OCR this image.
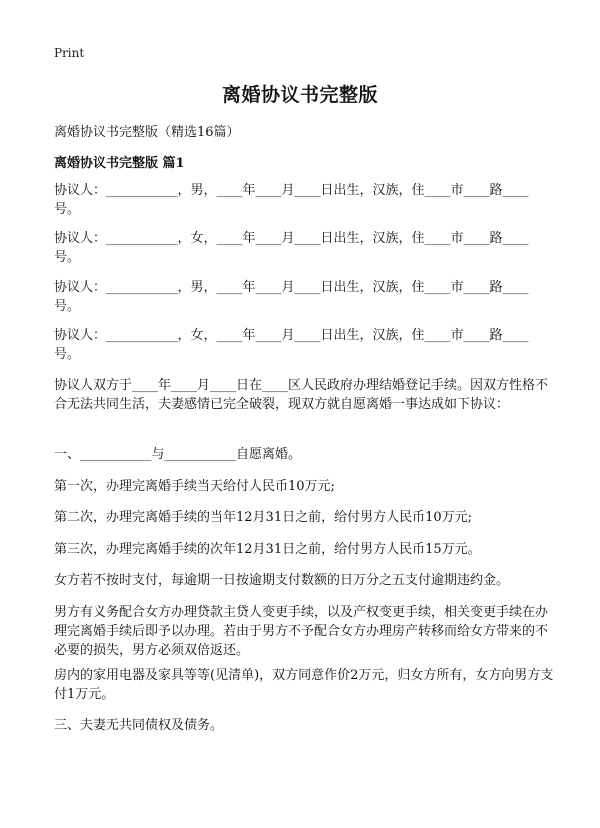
Print
离婚协议书完整版
离婚协议书完整版（精选16篇）
离婚协议书完整版 篇1
协议人：___________，男，____年____月____日出生，汉族，住____市____路____号。
协议人：___________，女，____年____月____日出生，汉族，住____市____路____号。
协议人：___________，男，____年____月____日出生，汉族，住____市____路____号。
协议人：___________，女，____年____月____日出生，汉族，住____市____路____号。
协议人双方于____年____月____日在____区人民政府办理结婚登记手续。因双方性格不合无法共同生活，夫妻感情已完全破裂，现双方就自愿离婚一事达成如下协议：
一、___________与___________自愿离婚。
第一次，办理完离婚手续当天给付人民币10万元;
第二次，办理完离婚手续的当年12月31日之前，给付男方人民币10万元;
第三次，办理完离婚手续的次年12月31日之前，给付男方人民币15万元。
女方若不按时支付，每逾期一日按逾期支付数额的日万分之五支付逾期违约金。
男方有义务配合女方办理贷款主贷人变更手续，以及产权变更手续，相关变更手续在办理完离婚手续后即予以办理。若由于男方不予配合女方办理房产转移而给女方带来的不必要的损失，男方必须双倍返还。
房内的家用电器及家具等等(见清单)，双方同意作价2万元，归女方所有，女方向男方支付1万元。
三、夫妻无共同债权及债务。
